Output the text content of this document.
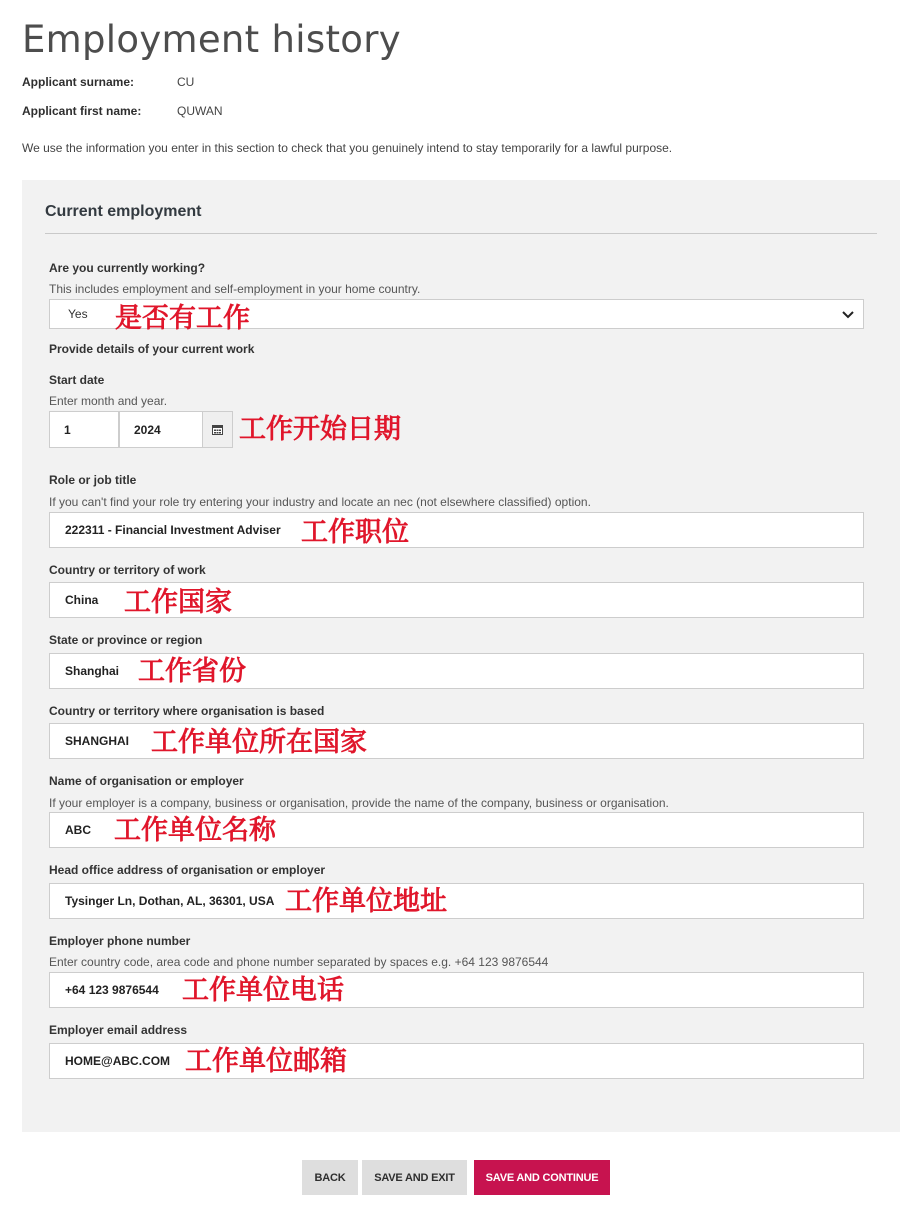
Employment history
Applicant surname:	CU
Applicant first name:	QUWAN
We use the information you enter in this section to check that you genuinely intend to stay temporarily for a lawful purpose.
Current employment
Are you currently working?
This includes employment and self-employment in your home country.
Yes 是否有工作
Provide details of your current work
Start date
Enter month and year.
1	2024	工作开始日期
Role or job title
If you can't find your role try entering your industry and locate an nec (not elsewhere classified) option.
222311 - Financial Investment Adviser 工作职位
Country or territory of work
China 工作国家
State or province or region
Shanghai 工作省份
Country or territory where organisation is based
SHANGHAI 工作单位所在国家
Name of organisation or employer
If your employer is a company, business or organisation, provide the name of the company, business or organisation.
ABC 工作单位名称
Head office address of organisation or employer
Tysinger Ln, Dothan, AL, 36301, USA 工作单位地址
Employer phone number
Enter country code, area code and phone number separated by spaces e.g. +64 123 9876544
+64 123 9876544 工作单位电话
Employer email address
HOME@ABC.COM 工作单位邮箱
BACK	SAVE AND EXIT	SAVE AND CONTINUE
